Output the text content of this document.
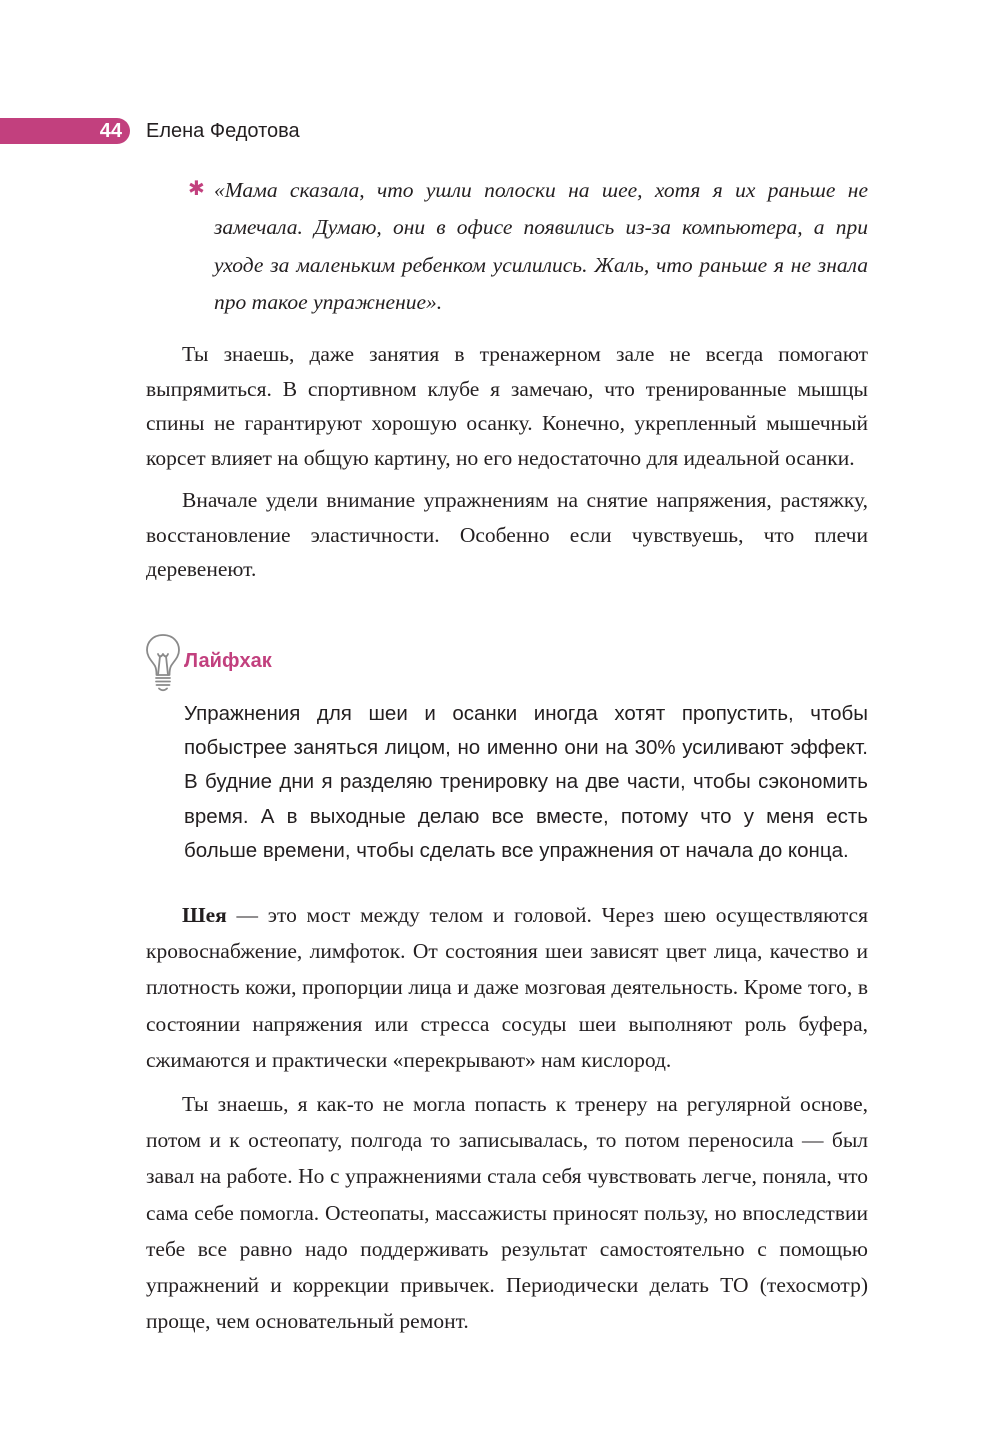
44 Елена Федотова
✱ «Мама сказала, что ушли полоски на шее, хотя я их раньше не замечала. Думаю, они в офисе появились из-за компьютера, а при уходе за маленьким ребенком усилились. Жаль, что раньше я не знала про такое упражнение».

Ты знаешь, даже занятия в тренажерном зале не всегда помогают выпрямиться. В спортивном клубе я замечаю, что тренированные мышцы спины не гарантируют хорошую осанку. Конечно, укрепленный мышечный корсет влияет на общую картину, но его недостаточно для идеальной осанки.

Вначале удели внимание упражнениям на снятие напряжения, растяжку, восстановление эластичности. Особенно если чувствуешь, что плечи деревенеют.

Лайфхак

Упражнения для шеи и осанки иногда хотят пропустить, чтобы побыстрее заняться лицом, но именно они на 30% усиливают эффект. В будние дни я разделяю тренировку на две части, чтобы сэкономить время. А в выходные делаю все вместе, потому что у меня есть больше времени, чтобы сделать все упражнения от начала до конца.

Шея — это мост между телом и головой. Через шею осуществляются кровоснабжение, лимфоток. От состояния шеи зависят цвет лица, качество и плотность кожи, пропорции лица и даже мозговая деятельность. Кроме того, в состоянии напряжения или стресса сосуды шеи выполняют роль буфера, сжимаются и практически «перекрывают» нам кислород.

Ты знаешь, я как-то не могла попасть к тренеру на регулярной основе, потом и к остеопату, полгода то записывалась, то потом переносила — был завал на работе. Но с упражнениями стала себя чувствовать легче, поняла, что сама себе помогла. Остеопаты, массажисты приносят пользу, но впоследствии тебе все равно надо поддерживать результат самостоятельно с помощью упражнений и коррекции привычек. Периодически делать ТО (техосмотр) проще, чем основательный ремонт.
